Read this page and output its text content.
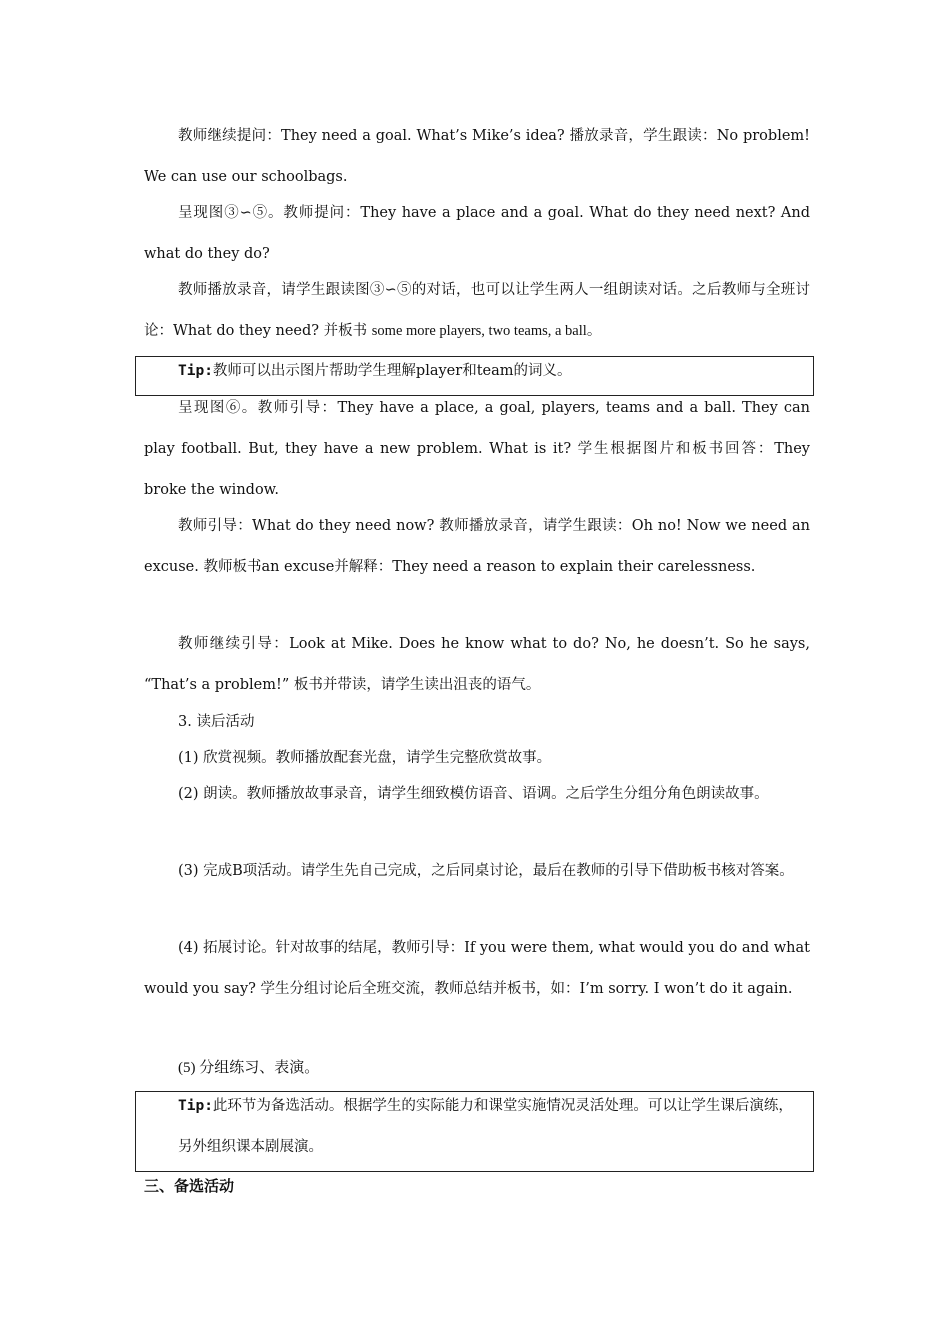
教师继续提问：They need a goal. What’s Mike’s idea? 播放录音，学生跟读：No problem! We can use our schoolbags.

呈现图③∽⑤。教师提问：They have a place and a goal. What do they need next? And what do they do?

教师播放录音，请学生跟读图③∽⑤的对话，也可以让学生两人一组朗读对话。之后教师与全班讨论：What do they need? 并板书 some more players, two teams, a ball。

Tip:教师可以出示图片帮助学生理解player和team的词义。

呈现图⑥。教师引导：They have a place, a goal, players, teams and a ball. They can play football. But, they have a new problem. What is it? 学生根据图片和板书回答：They broke the window.

教师引导：What do they need now? 教师播放录音，请学生跟读：Oh no! Now we need an excuse. 教师板书an excuse并解释：They need a reason to explain their carelessness.

教师继续引导：Look at Mike. Does he know what to do? No, he doesn’t. So he says, “That’s a problem!” 板书并带读，请学生读出沮丧的语气。

3. 读后活动
(1) 欣赏视频。教师播放配套光盘，请学生完整欣赏故事。

(2) 朗读。教师播放故事录音，请学生细致模仿语音、语调。之后学生分组分角色朗读故事。

(3) 完成B项活动。请学生先自己完成，之后同桌讨论，最后在教师的引导下借助板书核对答案。

(4) 拓展讨论。针对故事的结尾，教师引导：If you were them, what would you do and what would you say? 学生分组讨论后全班交流，教师总结并板书，如：I’m sorry. I won’t do it again.

(5) 分组练习、表演。
Tip:此环节为备选活动。根据学生的实际能力和课堂实施情况灵活处理。可以让学生课后演练，另外组织课本剧展演。
三、备选活动
